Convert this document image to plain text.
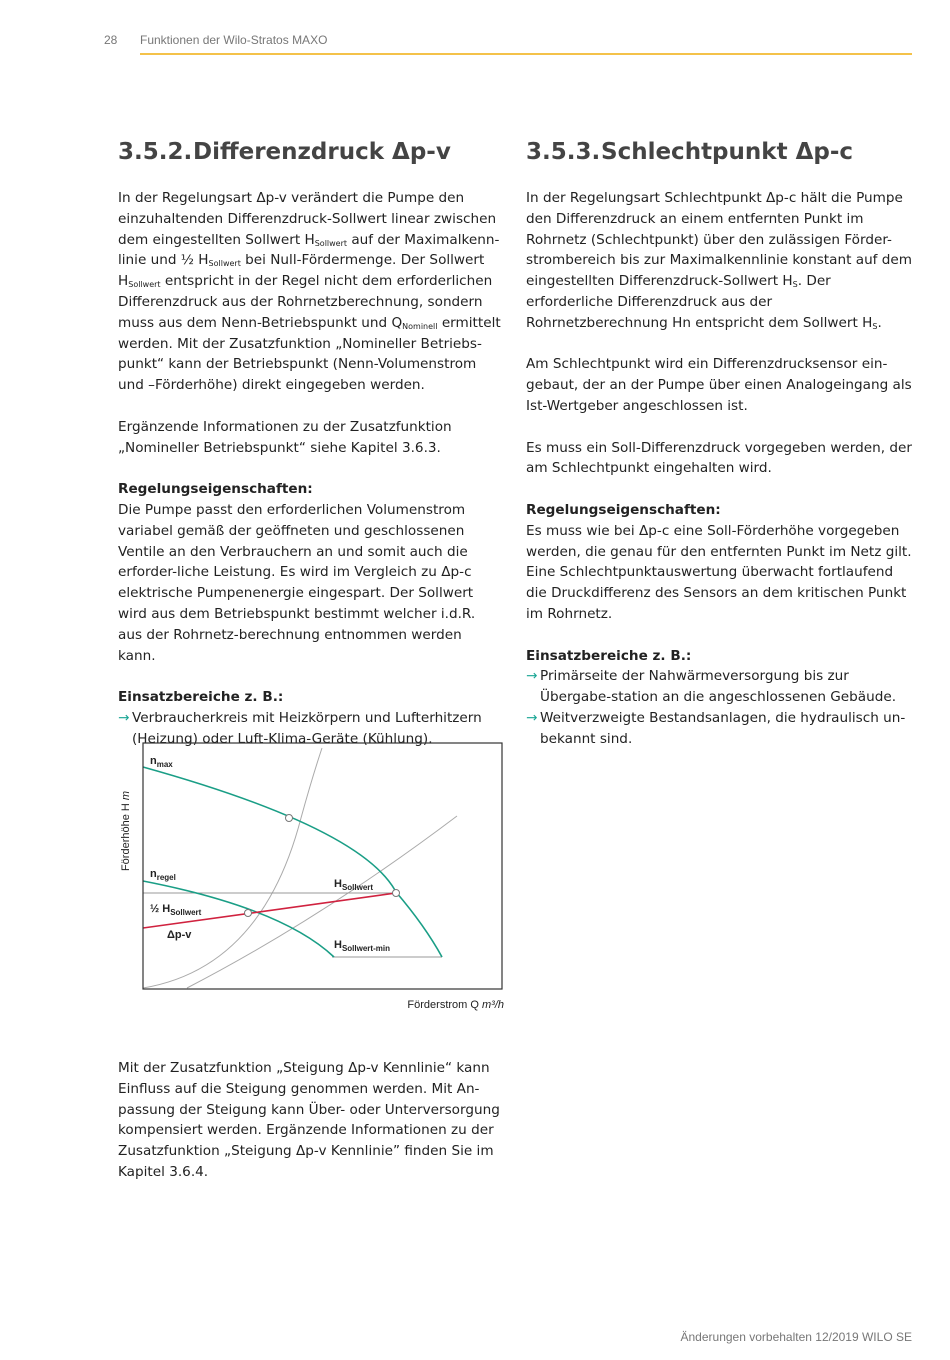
28 Funktionen der Wilo-Stratos MAXO
3.5.2.Differenzdruck Δp-v

In der Regelungsart Δp-v verändert die Pumpe den einzuhaltenden Differenzdruck-Sollwert linear zwischen dem eingestellten Sollwert $H_{Sollwert}$ auf der Maximalkenn-linie und ½ $H_{Sollwert}$ bei Null-Fördermenge. Der Sollwert $H_{Sollwert}$ entspricht in der Regel nicht dem erforderlichen Differenzdruck aus der Rohrnetzberechnung, sondern muss aus dem Nenn-Betriebspunkt und $Q_{Nominell}$ ermittelt werden. Mit der Zusatzfunktion „Nomineller Betriebs-punkt“ kann der Betriebspunkt (Nenn-Volumenstrom und –Förderhöhe) direkt eingegeben werden.

Ergänzende Informationen zu der Zusatzfunktion „Nomineller Betriebspunkt“ siehe Kapitel 3.6.3.

Regelungseigenschaften:

Die Pumpe passt den erforderlichen Volumenstrom variabel gemäß der geöffneten und geschlossenen Ventile an den Verbrauchern an und somit auch die erforder-liche Leistung. Es wird im Vergleich zu Δp-c elektrische Pumpenenergie eingespart. Der Sollwert wird aus dem Betriebspunkt bestimmt welcher i.d.R. aus der Rohrnetz-berechnung entnommen werden kann.

Einsatzbereiche z. B.:

→ Verbraucherkreis mit Heizkörpern und Lufterhitzern (Heizung) oder Luft-Klima-Geräte (Kühlung).
Förderhöhe H m
Förderstrom Q m³/h
$n_{max}$
$n_{regel}$
$H_{Sollwert}$
½ $H_{Sollwert}$
Δp-v
$H_{Sollwert-min}$

Mit der Zusatzfunktion „Steigung Δp-v Kennlinie“ kann Einfluss auf die Steigung genommen werden. Mit An-passung der Steigung kann Über- oder Unterversorgung kompensiert werden. Ergänzende Informationen zu der Zusatzfunktion „Steigung Δp-v Kennlinie” finden Sie im Kapitel 3.6.4.

3.5.3.Schlechtpunkt Δp-c

In der Regelungsart Schlechtpunkt Δp-c hält die Pumpe den Differenzdruck an einem entfernten Punkt im Rohrnetz (Schlechtpunkt) über den zulässigen Förder-strombereich bis zur Maximalkennlinie konstant auf dem eingestellten Differenzdruck-Sollwert $H_S$. Der erforderliche Differenzdruck aus der Rohrnetzberechnung Hn entspricht dem Sollwert $H_S$.

Am Schlechtpunkt wird ein Differenzdrucksensor ein-gebaut, der an der Pumpe über einen Analogeingang als Ist-Wertgeber angeschlossen ist.

Es muss ein Soll-Differenzdruck vorgegeben werden, der am Schlechtpunkt eingehalten wird.

Regelungseigenschaften:

Es muss wie bei Δp-c eine Soll-Förderhöhe vorgegeben werden, die genau für den entfernten Punkt im Netz gilt. Eine Schlechtpunktauswertung überwacht fortlaufend die Druckdifferenz des Sensors an dem kritischen Punkt im Rohrnetz.

Einsatzbereiche z. B.:

→ Primärseite der Nahwärmeversorgung bis zur Übergabe-station an die angeschlossenen Gebäude.
→ Weitverzweigte Bestandsanlagen, die hydraulisch un-bekannt sind.
Änderungen vorbehalten 12/2019 WILO SE
